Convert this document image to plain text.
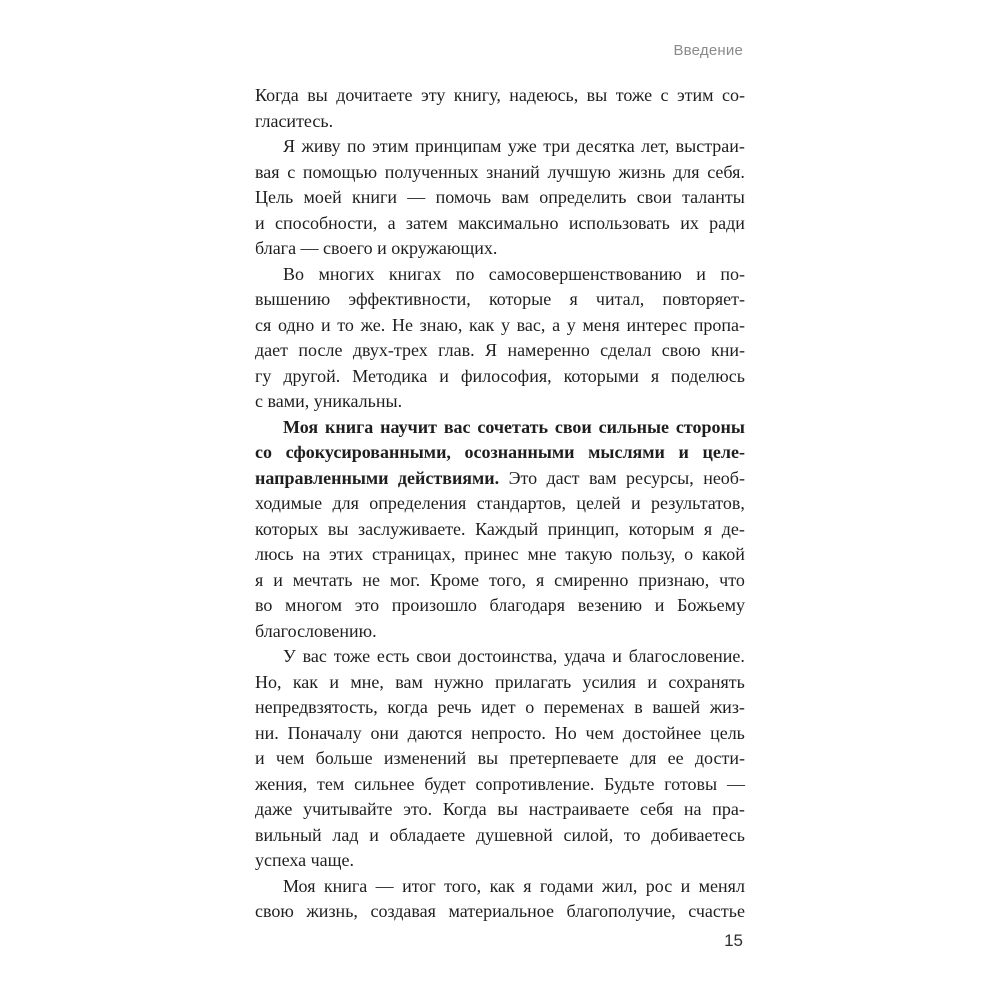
Введение
Когда вы дочитаете эту книгу, надеюсь, вы тоже с этим со-
гласитесь.
Я живу по этим принципам уже три десятка лет, выстраи-
вая с помощью полученных знаний лучшую жизнь для себя.
Цель моей книги — помочь вам определить свои таланты
и способности, а затем максимально использовать их ради
блага — своего и окружающих.
Во многих книгах по самосовершенствованию и по-
вышению эффективности, которые я читал, повторяет-
ся одно и то же. Не знаю, как у вас, а у меня интерес пропа-
дает после двух-трех глав. Я намеренно сделал свою кни-
гу другой. Методика и философия, которыми я поделюсь
с вами, уникальны.
Моя книга научит вас сочетать свои сильные стороны
со сфокусированными, осознанными мыслями и целе-
направленными действиями. Это даст вам ресурсы, необ-
ходимые для определения стандартов, целей и результатов,
которых вы заслуживаете. Каждый принцип, которым я де-
люсь на этих страницах, принес мне такую пользу, о какой
я и мечтать не мог. Кроме того, я смиренно признаю, что
во многом это произошло благодаря везению и Божьему
благословению.
У вас тоже есть свои достоинства, удача и благословение.
Но, как и мне, вам нужно прилагать усилия и сохранять
непредвзятость, когда речь идет о переменах в вашей жиз-
ни. Поначалу они даются непросто. Но чем достойнее цель
и чем больше изменений вы претерпеваете для ее дости-
жения, тем сильнее будет сопротивление. Будьте готовы —
даже учитывайте это. Когда вы настраиваете себя на пра-
вильный лад и обладаете душевной силой, то добиваетесь
успеха чаще.
Моя книга — итог того, как я годами жил, рос и менял
свою жизнь, создавая материальное благополучие, счастье
15
